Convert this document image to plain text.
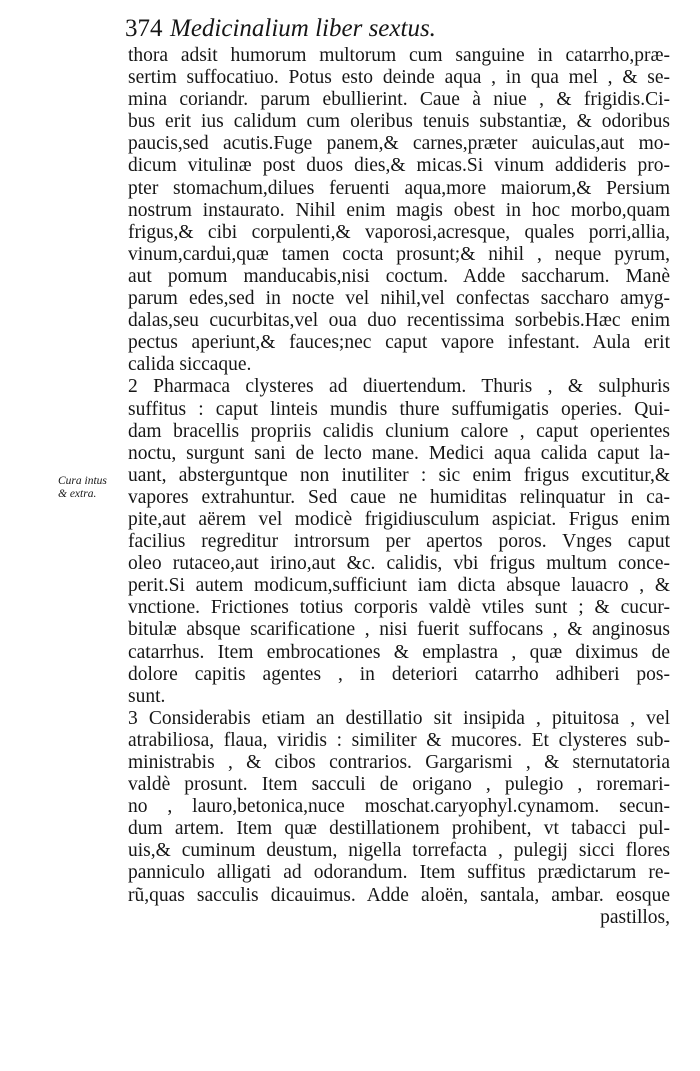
374 Medicinalium liber sextus.
Cura intus
& extra.
thora adsit humorum multorum cum sanguine in catarrho,præ-
sertim suffocatiuo. Potus esto deinde aqua , in qua mel , & se-
mina coriandr. parum ebullierint. Caue à niue , & frigidis.Ci-
bus erit ius calidum cum oleribus tenuis substantiæ, & odoribus
paucis,sed acutis.Fuge panem,& carnes,præter auiculas,aut mo-
dicum vitulinæ post duos dies,& micas.Si vinum addideris pro-
pter stomachum,dilues feruenti aqua,more maiorum,& Persium
nostrum instaurato. Nihil enim magis obest in hoc morbo,quam
frigus,& cibi corpulenti,& vaporosi,acresque, quales porri,allia,
vinum,cardui,quæ tamen cocta prosunt;& nihil , neque pyrum,
aut pomum manducabis,nisi coctum. Adde saccharum. Manè
parum edes,sed in nocte vel nihil,vel confectas saccharo amyg-
dalas,seu cucurbitas,vel oua duo recentissima sorbebis.Hæc enim
pectus aperiunt,& fauces;nec caput vapore infestant. Aula erit
calida siccaque.
2 Pharmaca clysteres ad diuertendum. Thuris , & sulphuris
suffitus : caput linteis mundis thure suffumigatis operies. Qui-
dam bracellis propriis calidis clunium calore , caput operientes
noctu, surgunt sani de lecto mane. Medici aqua calida caput la-
uant, absterguntque non inutiliter : sic enim frigus excutitur,&
vapores extrahuntur. Sed caue ne humiditas relinquatur in ca-
pite,aut aërem vel modicè frigidiusculum aspiciat. Frigus enim
facilius regreditur introrsum per apertos poros. Vnges caput
oleo rutaceo,aut irino,aut &c. calidis, vbi frigus multum conce-
perit.Si autem modicum,sufficiunt iam dicta absque lauacro , &
vnctione. Frictiones totius corporis valdè vtiles sunt ; & cucur-
bitulæ absque scarificatione , nisi fuerit suffocans , & anginosus
catarrhus. Item embrocationes & emplastra , quæ diximus de
dolore capitis agentes , in deteriori catarrho adhiberi pos-
sunt.
3 Considerabis etiam an destillatio sit insipida , pituitosa , vel
atrabiliosa, flaua, viridis : similiter & mucores. Et clysteres sub-
ministrabis , & cibos contrarios. Gargarismi , & sternutatoria
valdè prosunt. Item sacculi de origano , pulegio , roremari-
no , lauro,betonica,nuce moschat.caryophyl.cynamom. secun-
dum artem. Item quæ destillationem prohibent, vt tabacci pul-
uis,& cuminum deustum, nigella torrefacta , pulegij sicci flores
panniculo alligati ad odorandum. Item suffitus prædictarum re-
rũ,quas sacculis dicauimus. Adde aloën, santala, ambar. eosque
pastillos,
